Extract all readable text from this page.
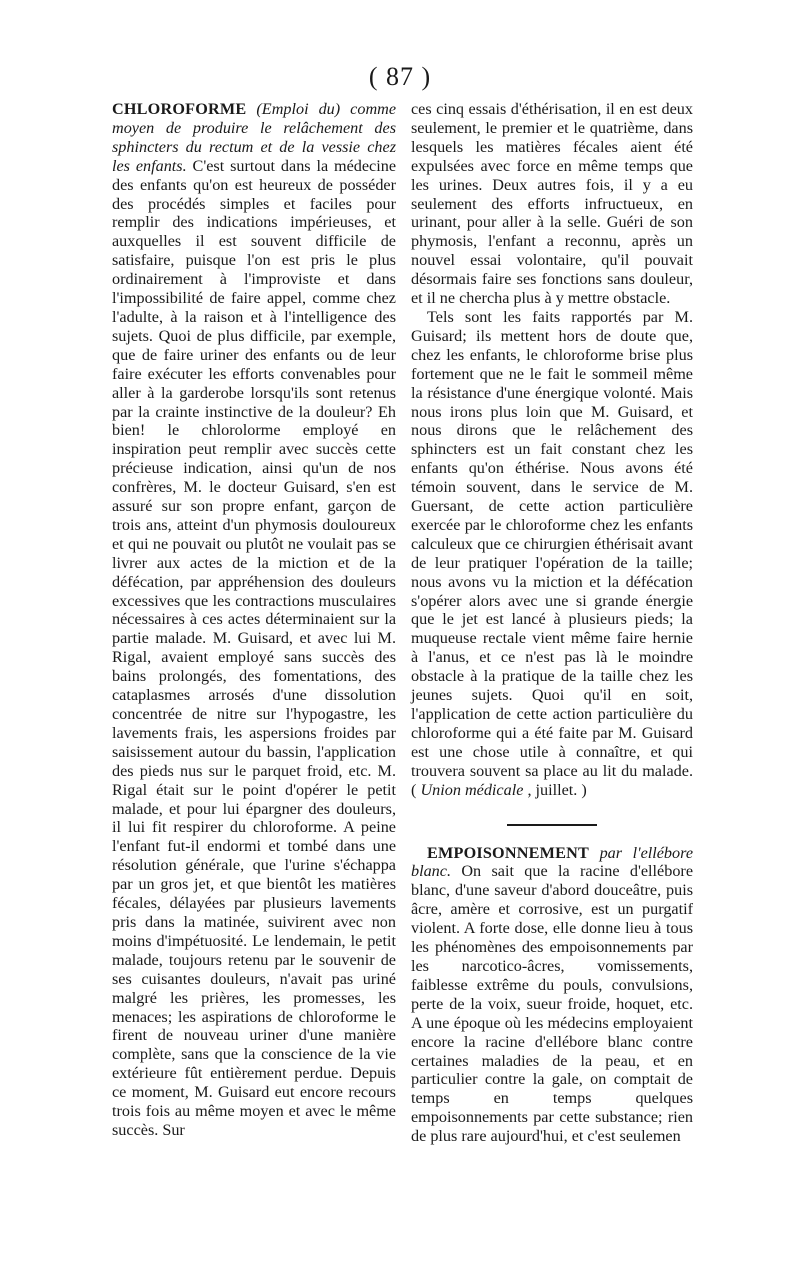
( 87 )

CHLOROFORME (Emploi du) comme moyen de produire le relâchement des sphincters du rectum et de la vessie chez les enfants. C'est surtout dans la médecine des enfants qu'on est heureux de posséder des procédés simples et faciles pour remplir des indications impérieuses, et auxquelles il est souvent difficile de satisfaire, puisque l'on est pris le plus ordinairement à l'improviste et dans l'impossibilité de faire appel, comme chez l'adulte, à la raison et à l'intelligence des sujets. Quoi de plus difficile, par exemple, que de faire uriner des enfants ou de leur faire exécuter les efforts convenables pour aller à la garderobe lorsqu'ils sont retenus par la crainte instinctive de la douleur? Eh bien! le chlorolorme employé en inspiration peut remplir avec succès cette précieuse indication, ainsi qu'un de nos confrères, M. le docteur Guisard, s'en est assuré sur son propre enfant, garçon de trois ans, atteint d'un phymosis douloureux et qui ne pouvait ou plutôt ne voulait pas se livrer aux actes de la miction et de la défécation, par appréhension des douleurs excessives que les contractions musculaires nécessaires à ces actes déterminaient sur la partie malade. M. Guisard, et avec lui M. Rigal, avaient employé sans succès des bains prolongés, des fomentations, des cataplasmes arrosés d'une dissolution concentrée de nitre sur l'hypogastre, les lavements frais, les aspersions froides par saisissement autour du bassin, l'application des pieds nus sur le parquet froid, etc. M. Rigal était sur le point d'opérer le petit malade, et pour lui épargner des douleurs, il lui fit respirer du chloroforme. A peine l'enfant fut-il endormi et tombé dans une résolution générale, que l'urine s'échappa par un gros jet, et que bientôt les matières fécales, délayées par plusieurs lavements pris dans la matinée, suivirent avec non moins d'impétuosité. Le lendemain, le petit malade, toujours retenu par le souvenir de ses cuisantes douleurs, n'avait pas uriné malgré les prières, les promesses, les menaces; les aspirations de chloroforme le firent de nouveau uriner d'une manière complète, sans que la conscience de la vie extérieure fût entièrement perdue. Depuis ce moment, M. Guisard eut encore recours trois fois au même moyen et avec le même succès. Sur

ces cinq essais d'éthérisation, il en est deux seulement, le premier et le quatrième, dans lesquels les matières fécales aient été expulsées avec force en même temps que les urines. Deux autres fois, il y a eu seulement des efforts infructueux, en urinant, pour aller à la selle. Guéri de son phymosis, l'enfant a reconnu, après un nouvel essai volontaire, qu'il pouvait désormais faire ses fonctions sans douleur, et il ne chercha plus à y mettre obstacle.

Tels sont les faits rapportés par M. Guisard; ils mettent hors de doute que, chez les enfants, le chloroforme brise plus fortement que ne le fait le sommeil même la résistance d'une énergique volonté. Mais nous irons plus loin que M. Guisard, et nous dirons que le relâchement des sphincters est un fait constant chez les enfants qu'on éthérise. Nous avons été témoin souvent, dans le service de M. Guersant, de cette action particulière exercée par le chloroforme chez les enfants calculeux que ce chirurgien éthérisait avant de leur pratiquer l'opération de la taille; nous avons vu la miction et la défécation s'opérer alors avec une si grande énergie que le jet est lancé à plusieurs pieds; la muqueuse rectale vient même faire hernie à l'anus, et ce n'est pas là le moindre obstacle à la pratique de la taille chez les jeunes sujets. Quoi qu'il en soit, l'application de cette action particulière du chloroforme qui a été faite par M. Guisard est une chose utile à connaître, et qui trouvera souvent sa place au lit du malade. ( Union médicale , juillet. )

EMPOISONNEMENT par l'ellébore blanc. On sait que la racine d'ellébore blanc, d'une saveur d'abord douceâtre, puis âcre, amère et corrosive, est un purgatif violent. A forte dose, elle donne lieu à tous les phénomènes des empoisonnements par les narcotico-âcres, vomissements, faiblesse extrême du pouls, convulsions, perte de la voix, sueur froide, hoquet, etc. A une époque où les médecins employaient encore la racine d'ellébore blanc contre certaines maladies de la peau, et en particulier contre la gale, on comptait de temps en temps quelques empoisonnements par cette substance; rien de plus rare aujourd'hui, et c'est seulemen
